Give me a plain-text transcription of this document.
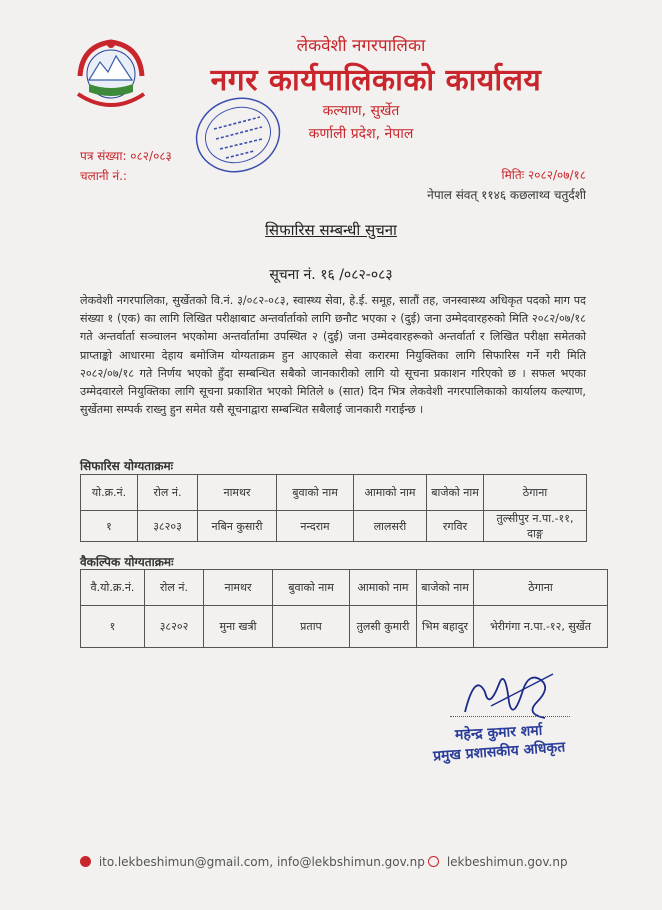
लेकवेशी नगरपालिका
नगर कार्यपालिकाको कार्यालय
कल्याण, सुर्खेत
कर्णाली प्रदेश, नेपाल
पत्र संख्या: ०८२/०८३
चलानी नं.:	मितिः २०८२/०७/१८
नेपाल संवत् ११४६ कछलाथ्व चतुर्दशी
सिफारिस सम्बन्धी सुचना
सूचना नं. १६ /०८२-०८३
लेकवेशी नगरपालिका, सुर्खेतको वि.नं. ३/०८२-०८३, स्वास्थ्य सेवा, हे.ई. समूह, सातौं तह, जनस्वास्थ्य अधिकृत पदको माग पद संख्या १ (एक) का लागि लिखित परीक्षाबाट अन्तर्वार्ताको लागि छनौट भएका २ (दुई) जना उम्मेदवारहरुको मिति २०८२/०७/१८ गते अन्तर्वार्ता सञ्चालन भएकोमा अन्तर्वार्तामा उपस्थित २ (दुई) जना उम्मेदवारहरूको अन्तर्वार्ता र लिखित परीक्षा समेतको प्राप्ताङ्को आधारमा देहाय बमोजिम योग्यताक्रम हुन आएकाले सेवा करारमा नियुक्तिका लागि सिफारिस गर्ने गरी मिति २०८२/०७/१८ गते निर्णय भएको हुँदा सम्बन्धित सबैको जानकारीको लागि यो सूचना प्रकाशन गरिएको छ । सफल भएका उम्मेदवारले नियुक्तिका लागि सूचना प्रकाशित भएको मितिले ७ (सात) दिन भित्र लेकवेशी नगरपालिकाको कार्यालय कल्याण, सुर्खेतमा सम्पर्क राख्नु हुन समेत यसै सूचनाद्वारा सम्बन्धित सबैलाई जानकारी गराईन्छ ।
सिफारिस योग्यताक्रमः
यो.क्र.नं.	रोल नं.	नामथर	बुवाको नाम	आमाको नाम	बाजेको नाम	ठेगाना
१	३८२०३	नबिन कुसारी	नन्दराम	लालसरी	रगविर	तुल्सीपुर न.पा.-११, दाङ्ग
वैकल्पिक योग्यताक्रमः
वै.यो.क्र.नं.	रोल नं.	नामथर	बुवाको नाम	आमाको नाम	बाजेको नाम	ठेगाना
१	३८२०२	मुना खत्री	प्रताप	तुलसी कुमारी	भिम बहादुर	भेरीगंगा न.पा.-१२, सुर्खेत
महेन्द्र कुमार शर्मा
प्रमुख प्रशासकीय अधिकृत
ito.lekbeshimun@gmail.com, info@lekbshimun.gov.np	lekbeshimun.gov.np
